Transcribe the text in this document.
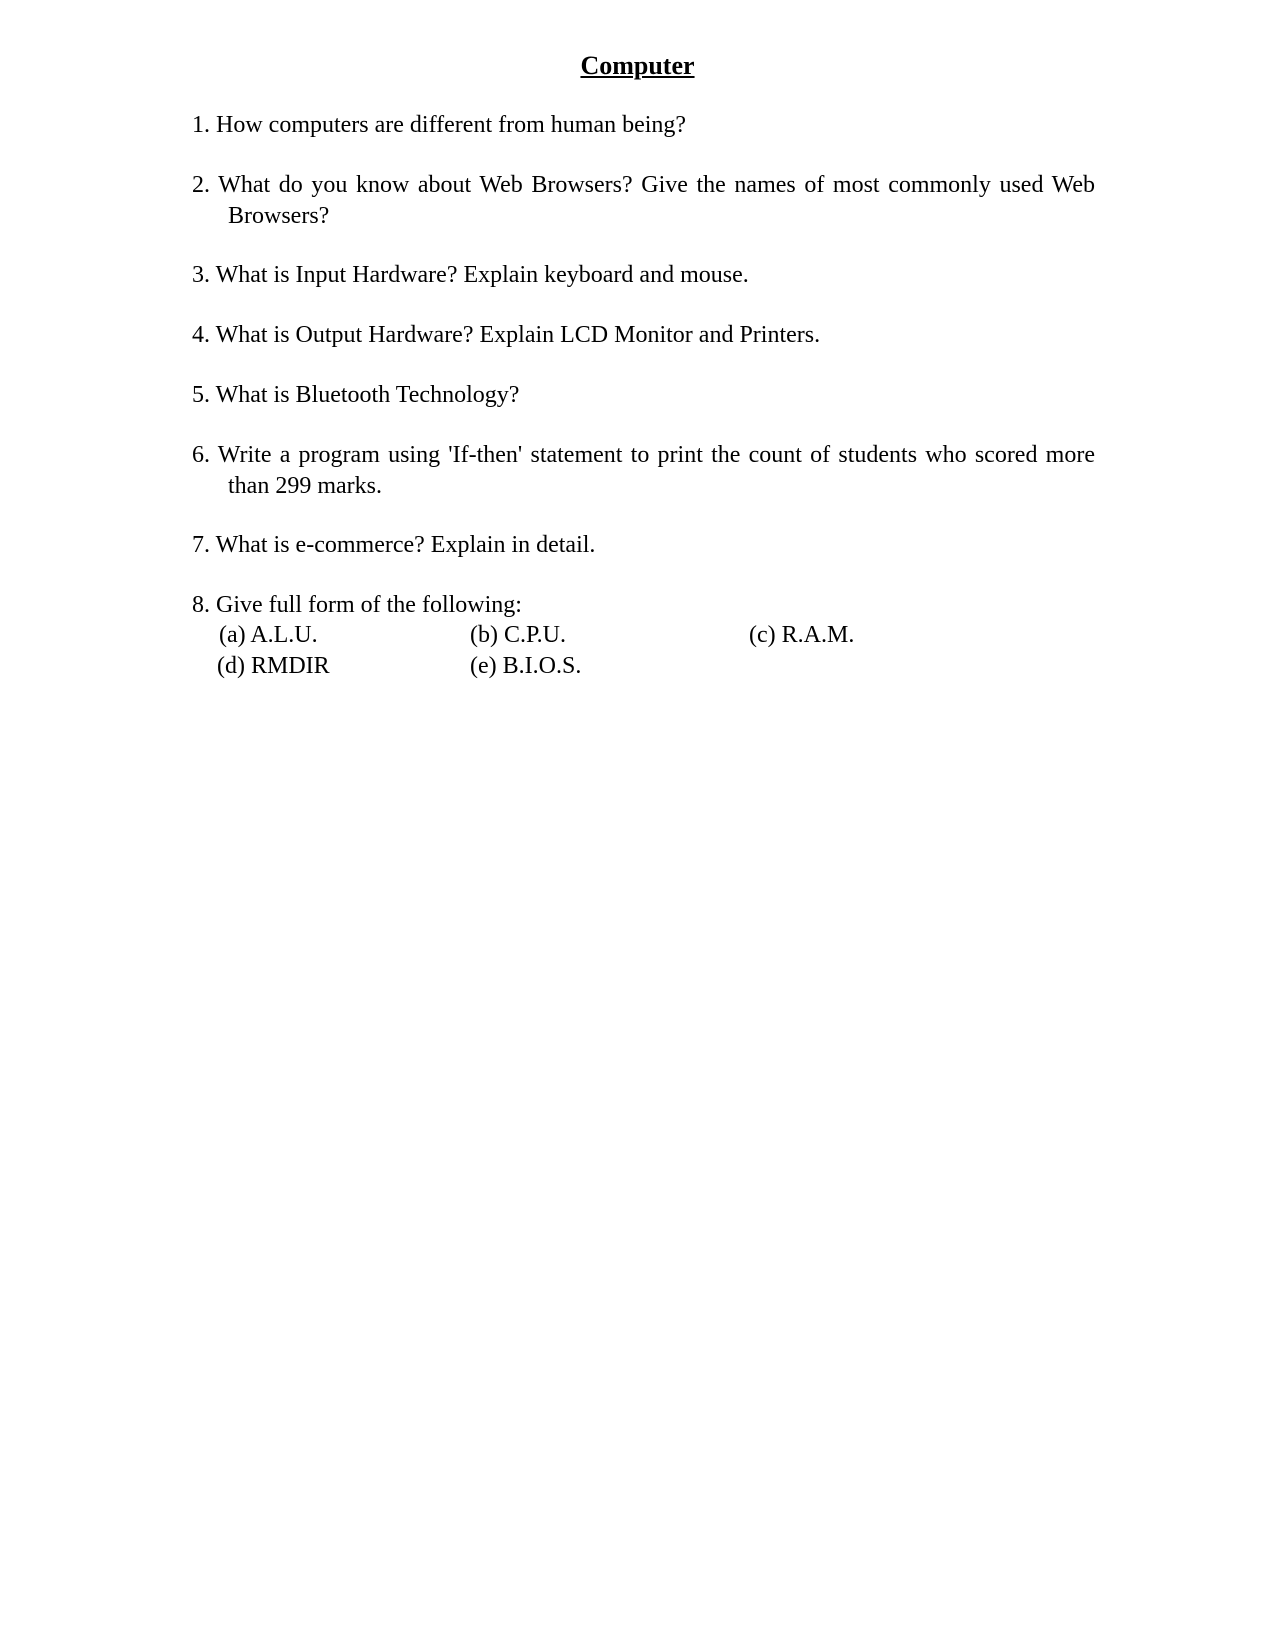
Computer
1. How computers are different from human being?
2. What do you know about Web Browsers? Give the names of most commonly used Web Browsers?
3. What is Input Hardware? Explain keyboard and mouse.
4. What is Output Hardware? Explain LCD Monitor and Printers.
5. What is Bluetooth Technology?
6. Write a program using 'If-then' statement to print the count of students who scored more than 299 marks.
7. What is e-commerce? Explain in detail.
8. Give full form of the following:
(a) A.L.U.	(b) C.P.U.	(c) R.A.M.
(d) RMDIR	(e) B.I.O.S.
